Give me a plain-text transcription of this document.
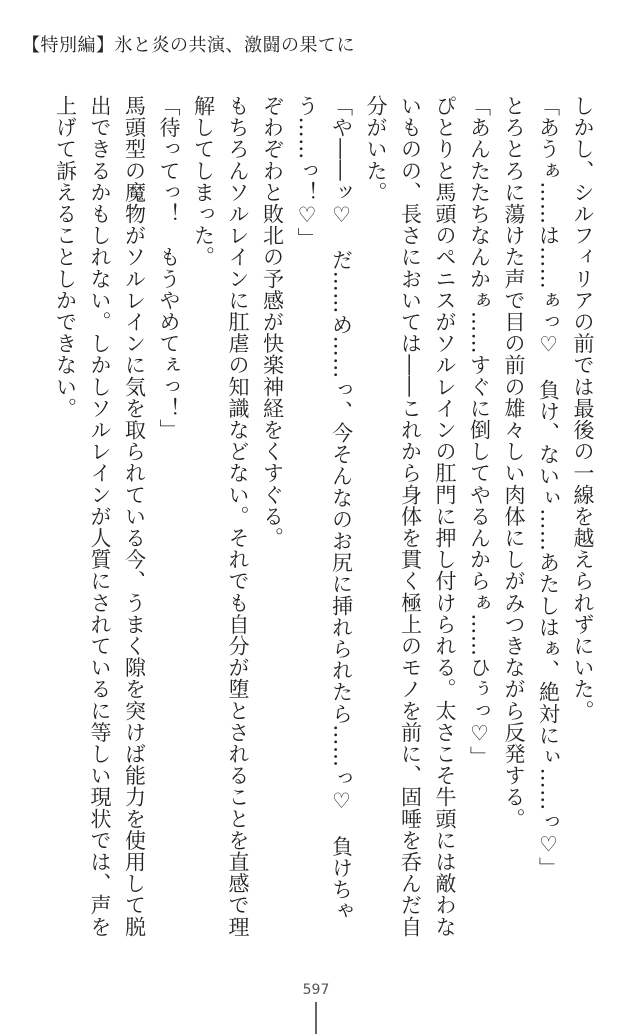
【特別編】氷と炎の共演、激闘の果てに

しかし、シルフィリアの前では最後の一線を越えられずにいた。

「あうぁ……は……ぁっ♡　負け、ないぃ……あたしはぁ、絶対にぃ……っ♡」

とろとろに蕩けた声で目の前の雄々しい肉体にしがみつきながら反発する。

「あんたたちなんかぁ……すぐに倒してやるんからぁ……ひぅっ♡」

ぴとりと馬頭のペニスがソルレインの肛門に押し付けられる。太さこそ牛頭には敵わないものの、長さにおいては――これから身体を貫く極上のモノを前に、固唾を呑んだ自分がいた。

「や――ッ♡　だ……め……っ、今そんなのお尻に挿れられたら……っ♡　負けちゃう……っ！♡」

ぞわぞわと敗北の予感が快楽神経をくすぐる。

もちろんソルレインに肛虐の知識などない。それでも自分が堕とされることを直感で理解してしまった。

「待ってっ！　もうやめてぇっ！」

馬頭型の魔物がソルレインに気を取られている今、うまく隙を突けば能力を使用して脱出できるかもしれない。しかしソルレインが人質にされているに等しい現状では、声を上げて訴えることしかできない。

597
